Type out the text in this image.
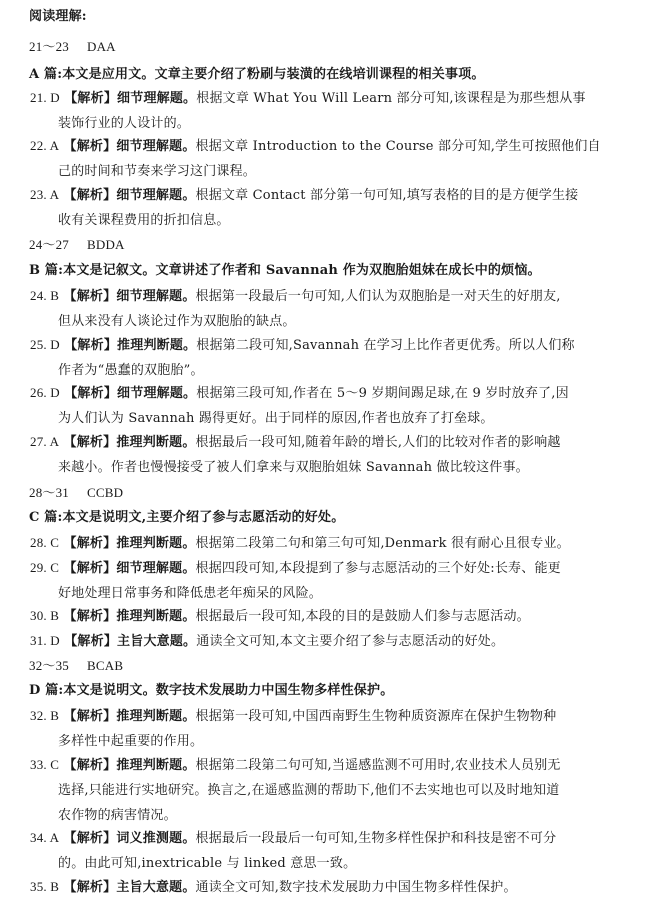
阅读理解:
21～23 DAA
A 篇:本文是应用文。文章主要介绍了粉刷与装潢的在线培训课程的相关事项。
21. D 【解析】细节理解题。根据文章 What You Will Learn 部分可知,该课程是为那些想从事
装饰行业的人设计的。
22. A 【解析】细节理解题。根据文章 Introduction to the Course 部分可知,学生可按照他们自
己的时间和节奏来学习这门课程。
23. A 【解析】细节理解题。根据文章 Contact 部分第一句可知,填写表格的目的是方便学生接
收有关课程费用的折扣信息。
24～27 BDDA
B 篇:本文是记叙文。文章讲述了作者和 Savannah 作为双胞胎姐妹在成长中的烦恼。
24. B 【解析】细节理解题。根据第一段最后一句可知,人们认为双胞胎是一对天生的好朋友,
但从来没有人谈论过作为双胞胎的缺点。
25. D 【解析】推理判断题。根据第二段可知,Savannah 在学习上比作者更优秀。所以人们称
作者为“愚蠢的双胞胎”。
26. D 【解析】细节理解题。根据第三段可知,作者在 5～9 岁期间踢足球,在 9 岁时放弃了,因
为人们认为 Savannah 踢得更好。出于同样的原因,作者也放弃了打垒球。
27. A 【解析】推理判断题。根据最后一段可知,随着年龄的增长,人们的比较对作者的影响越
来越小。作者也慢慢接受了被人们拿来与双胞胎姐妹 Savannah 做比较这件事。
28～31 CCBD
C 篇:本文是说明文,主要介绍了参与志愿活动的好处。
28. C 【解析】推理判断题。根据第二段第二句和第三句可知,Denmark 很有耐心且很专业。
29. C 【解析】细节理解题。根据四段可知,本段提到了参与志愿活动的三个好处:长寿、能更
好地处理日常事务和降低患老年痴呆的风险。
30. B 【解析】推理判断题。根据最后一段可知,本段的目的是鼓励人们参与志愿活动。
31. D 【解析】主旨大意题。通读全文可知,本文主要介绍了参与志愿活动的好处。
32～35 BCAB
D 篇:本文是说明文。数字技术发展助力中国生物多样性保护。
32. B 【解析】推理判断题。根据第一段可知,中国西南野生生物种质资源库在保护生物物种
多样性中起重要的作用。
33. C 【解析】推理判断题。根据第二段第二句可知,当遥感监测不可用时,农业技术人员别无
选择,只能进行实地研究。换言之,在遥感监测的帮助下,他们不去实地也可以及时地知道
农作物的病害情况。
34. A 【解析】词义推测题。根据最后一段最后一句可知,生物多样性保护和科技是密不可分
的。由此可知,inextricable 与 linked 意思一致。
35. B 【解析】主旨大意题。通读全文可知,数字技术发展助力中国生物多样性保护。
